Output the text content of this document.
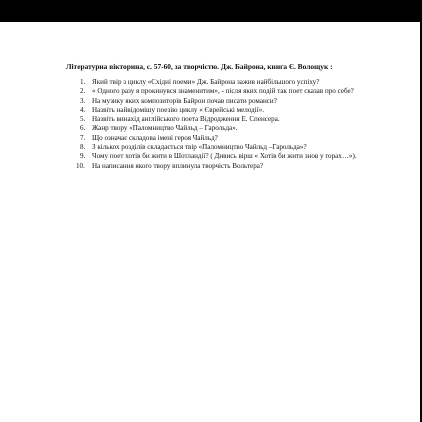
Літературна вікторина, с. 57-60, за творчістю. Дж. Байрона, книга Є. Волощук :
1. Який твір з циклу «Східні поеми» Дж. Байрона зажив найбільшого успіху?
2. « Одного разу я прокинувся знаменитим», - після яких подій так поет сказав про себе?
3. На музику яких композиторів Байрон почав писати романси?
4. Назвіть найвідомішу поезію циклу « Єврейські мелодії».
5. Назвіть винахід англійського поета Відродження Е. Спенсера.
6. Жанр твору «Паломництво Чайльд – Гарольда».
7. Що означає складова імені героя Чайльд?
8. З кількох розділів складається твір «Паломництво Чайльд –Гарольда»?
9. Чому поет хотів би жити в Шотландії? ( Дивись вірш « Хотів би жити знов у горах…»).
10. На написання якого твору вплинула творчість Вольтера?
